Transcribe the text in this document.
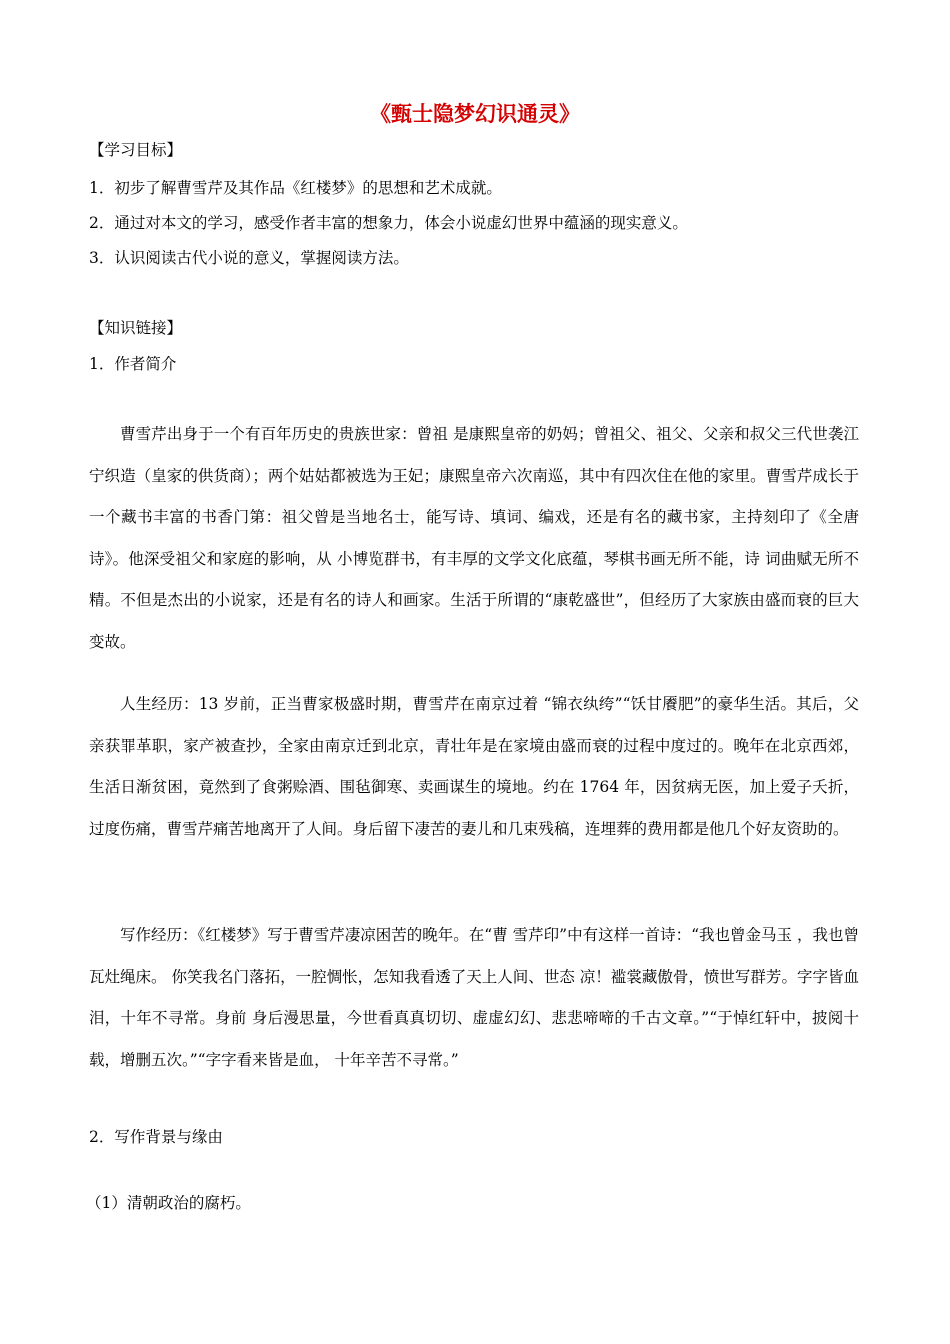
《甄士隐梦幻识通灵》
【学习目标】
1．初步了解曹雪芹及其作品《红楼梦》的思想和艺术成就。
2．通过对本文的学习，感受作者丰富的想象力，体会小说虚幻世界中蕴涵的现实意义。
3．认识阅读古代小说的意义，掌握阅读方法。
【知识链接】
1．作者简介
曹雪芹出身于一个有百年历史的贵族世家：曾祖 是康熙皇帝的奶妈；曾祖父、祖父、父亲和叔父三代世袭江宁织造（皇家的供货商）；两个姑姑都被选为王妃；康熙皇帝六次南巡，其中有四次住在他的家里。曹雪芹成长于一个藏书丰富的书香门第：祖父曾是当地名士，能写诗、填词、编戏，还是有名的藏书家，主持刻印了《全唐诗》。他深受祖父和家庭的影响，从 小博览群书，有丰厚的文学文化底蕴，琴棋书画无所不能，诗 词曲赋无所不精。不但是杰出的小说家，还是有名的诗人和画家。生活于所谓的“康乾盛世”，但经历了大家族由盛而衰的巨大变故。
人生经历：13 岁前，正当曹家极盛时期，曹雪芹在南京过着 “锦衣纨绔”“饫甘餍肥”的豪华生活。其后，父亲获罪革职，家产被查抄，全家由南京迁到北京，青壮年是在家境由盛而衰的过程中度过的。晚年在北京西郊，生活日渐贫困，竟然到了食粥赊酒、围毡御寒、卖画谋生的境地。约在 1764 年，因贫病无医，加上爱子夭折，过度伤痛，曹雪芹痛苦地离开了人间。身后留下凄苦的妻儿和几束残稿，连埋葬的费用都是他几个好友资助的。
写作经历：《红楼梦》写于曹雪芹凄凉困苦的晚年。在“曹 雪芹印”中有这样一首诗：“我也曾金马玉 ，我也曾瓦灶绳床。 你笑我名门落拓，一腔惆怅，怎知我看透了天上人间、世态 凉！褴裳藏傲骨，愤世写群芳。字字皆血泪，十年不寻常。身前 身后漫思量，今世看真真切切、虚虚幻幻、悲悲啼啼的千古文章。”“于悼红轩中，披阅十载，增删五次。”“字字看来皆是血， 十年辛苦不寻常。”
2．写作背景与缘由
（1）清朝政治的腐朽。
